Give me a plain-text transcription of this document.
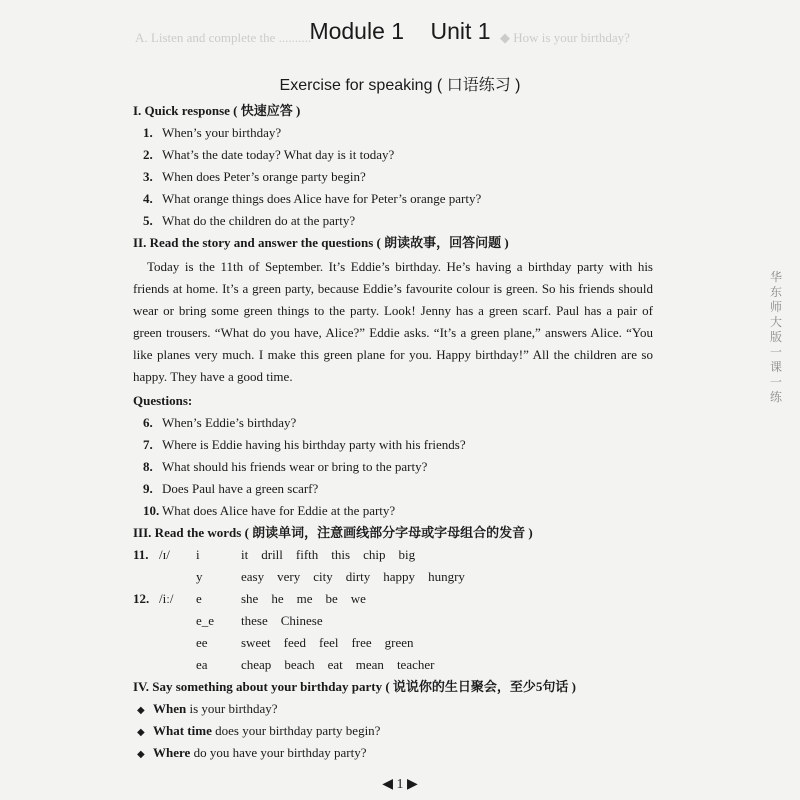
A. Listen and complete the ..........	◆ How is your birthday?
华东师大版一课一练
Module 1 Unit 1
Exercise for speaking ( 口语练习 )
I. Quick response ( 快速应答 )
1. When’s your birthday?
2. What’s the date today? What day is it today?
3. When does Peter’s orange party begin?
4. What orange things does Alice have for Peter’s orange party?
5. What do the children do at the party?
II. Read the story and answer the questions ( 朗读故事，回答问题 )
Today is the 11th of September. It’s Eddie’s birthday. He’s having a birthday party with his friends at home. It’s a green party, because Eddie’s favourite colour is green. So his friends should wear or bring some green things to the party. Look! Jenny has a green scarf. Paul has a pair of green trousers. “What do you have, Alice?” Eddie asks. “It’s a green plane,” answers Alice. “You like planes very much. I make this green plane for you. Happy birthday!” All the children are so happy. They have a good time.
Questions:
6. When’s Eddie’s birthday?
7. Where is Eddie having his birthday party with his friends?
8. What should his friends wear or bring to the party?
9. Does Paul have a green scarf?
10. What does Alice have for Eddie at the party?
III. Read the words ( 朗读单词，注意画线部分字母或字母组合的发音 )
11. /ɪ/ i	it drill fifth this chip big
y	easy very city dirty happy hungry
12. /iː/ e	she he me be we
e_e these Chinese
ee	sweet feed feel free green
ea	cheap beach eat mean teacher
IV. Say something about your birthday party ( 说说你的生日聚会，至少5句话 )
◆ When is your birthday?
◆ What time does your birthday party begin?
◆ Where do you have your birthday party?
◀ 1 ▶
